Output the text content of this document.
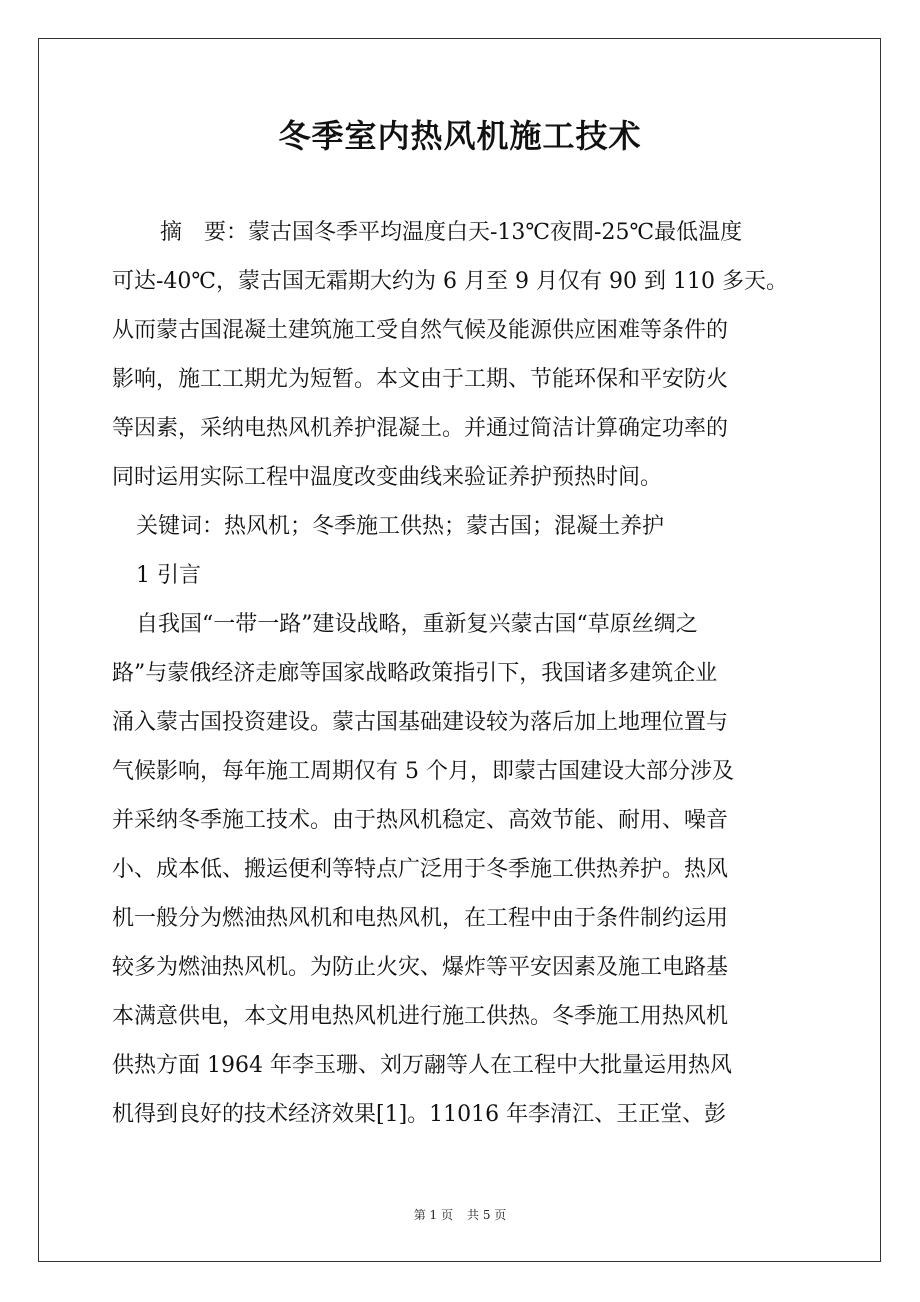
冬季室内热风机施工技术
摘　要：蒙古国冬季平均温度白天-13℃夜間-25℃最低温度
可达-40℃，蒙古国无霜期大约为 6 月至 9 月仅有 90 到 110 多天。
从而蒙古国混凝土建筑施工受自然气候及能源供应困难等条件的
影响，施工工期尤为短暂。本文由于工期、节能环保和平安防火
等因素，采纳电热风机养护混凝土。并通过简洁计算确定功率的
同时运用实际工程中温度改变曲线来验证养护预热时间。
关键词：热风机；冬季施工供热；蒙古国；混凝土养护
1 引言
自我国“一带一路”建设战略，重新复兴蒙古国“草原丝绸之
路”与蒙俄经济走廊等国家战略政策指引下，我国诸多建筑企业
涌入蒙古国投资建设。蒙古国基础建设较为落后加上地理位置与
气候影响，每年施工周期仅有 5 个月，即蒙古国建设大部分涉及
并采纳冬季施工技术。由于热风机稳定、高效节能、耐用、噪音
小、成本低、搬运便利等特点广泛用于冬季施工供热养护。热风
机一般分为燃油热风机和电热风机，在工程中由于条件制约运用
较多为燃油热风机。为防止火灾、爆炸等平安因素及施工电路基
本满意供电，本文用电热风机进行施工供热。冬季施工用热风机
供热方面 1964 年李玉珊、刘万翮等人在工程中大批量运用热风
机得到良好的技术经济效果[1]。11016 年李清江、王正堂、彭
第 1 页 共 5 页
